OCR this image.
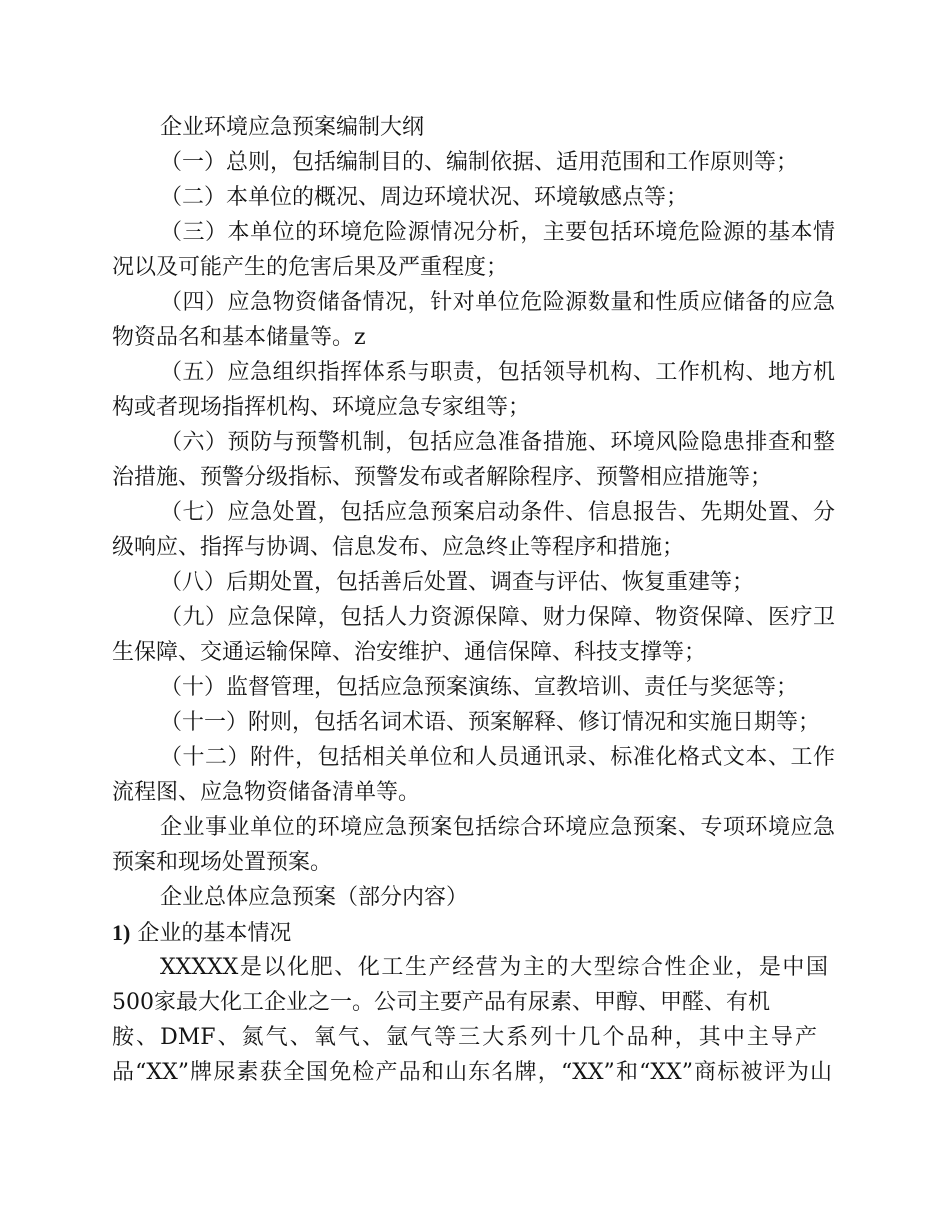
企业环境应急预案编制大纲
（一）总则，包括编制目的、编制依据、适用范围和工作原则等；
（二）本单位的概况、周边环境状况、环境敏感点等；
（三）本单位的环境危险源情况分析，主要包括环境危险源的基本情
况以及可能产生的危害后果及严重程度；
（四）应急物资储备情况，针对单位危险源数量和性质应储备的应急
物资品名和基本储量等。z
（五）应急组织指挥体系与职责，包括领导机构、工作机构、地方机
构或者现场指挥机构、环境应急专家组等；
（六）预防与预警机制，包括应急准备措施、环境风险隐患排查和整
治措施、预警分级指标、预警发布或者解除程序、预警相应措施等；
（七）应急处置，包括应急预案启动条件、信息报告、先期处置、分
级响应、指挥与协调、信息发布、应急终止等程序和措施；
（八）后期处置，包括善后处置、调查与评估、恢复重建等；
（九）应急保障，包括人力资源保障、财力保障、物资保障、医疗卫
生保障、交通运输保障、治安维护、通信保障、科技支撑等；
（十）监督管理，包括应急预案演练、宣教培训、责任与奖惩等；
（十一）附则，包括名词术语、预案解释、修订情况和实施日期等；
（十二）附件，包括相关单位和人员通讯录、标准化格式文本、工作
流程图、应急物资储备清单等。
企业事业单位的环境应急预案包括综合环境应急预案、专项环境应急
预案和现场处置预案。
企业总体应急预案（部分内容）
1) 企业的基本情况
XXXXX是以化肥、化工生产经营为主的大型综合性企业，是中国
500家最大化工企业之一。公司主要产品有尿素、甲醇、甲醛、有机
胺、DMF、氮气、氧气、氩气等三大系列十几个品种，其中主导产
品“XX”牌尿素获全国免检产品和山东名牌，“XX”和“XX”商标被评为山
